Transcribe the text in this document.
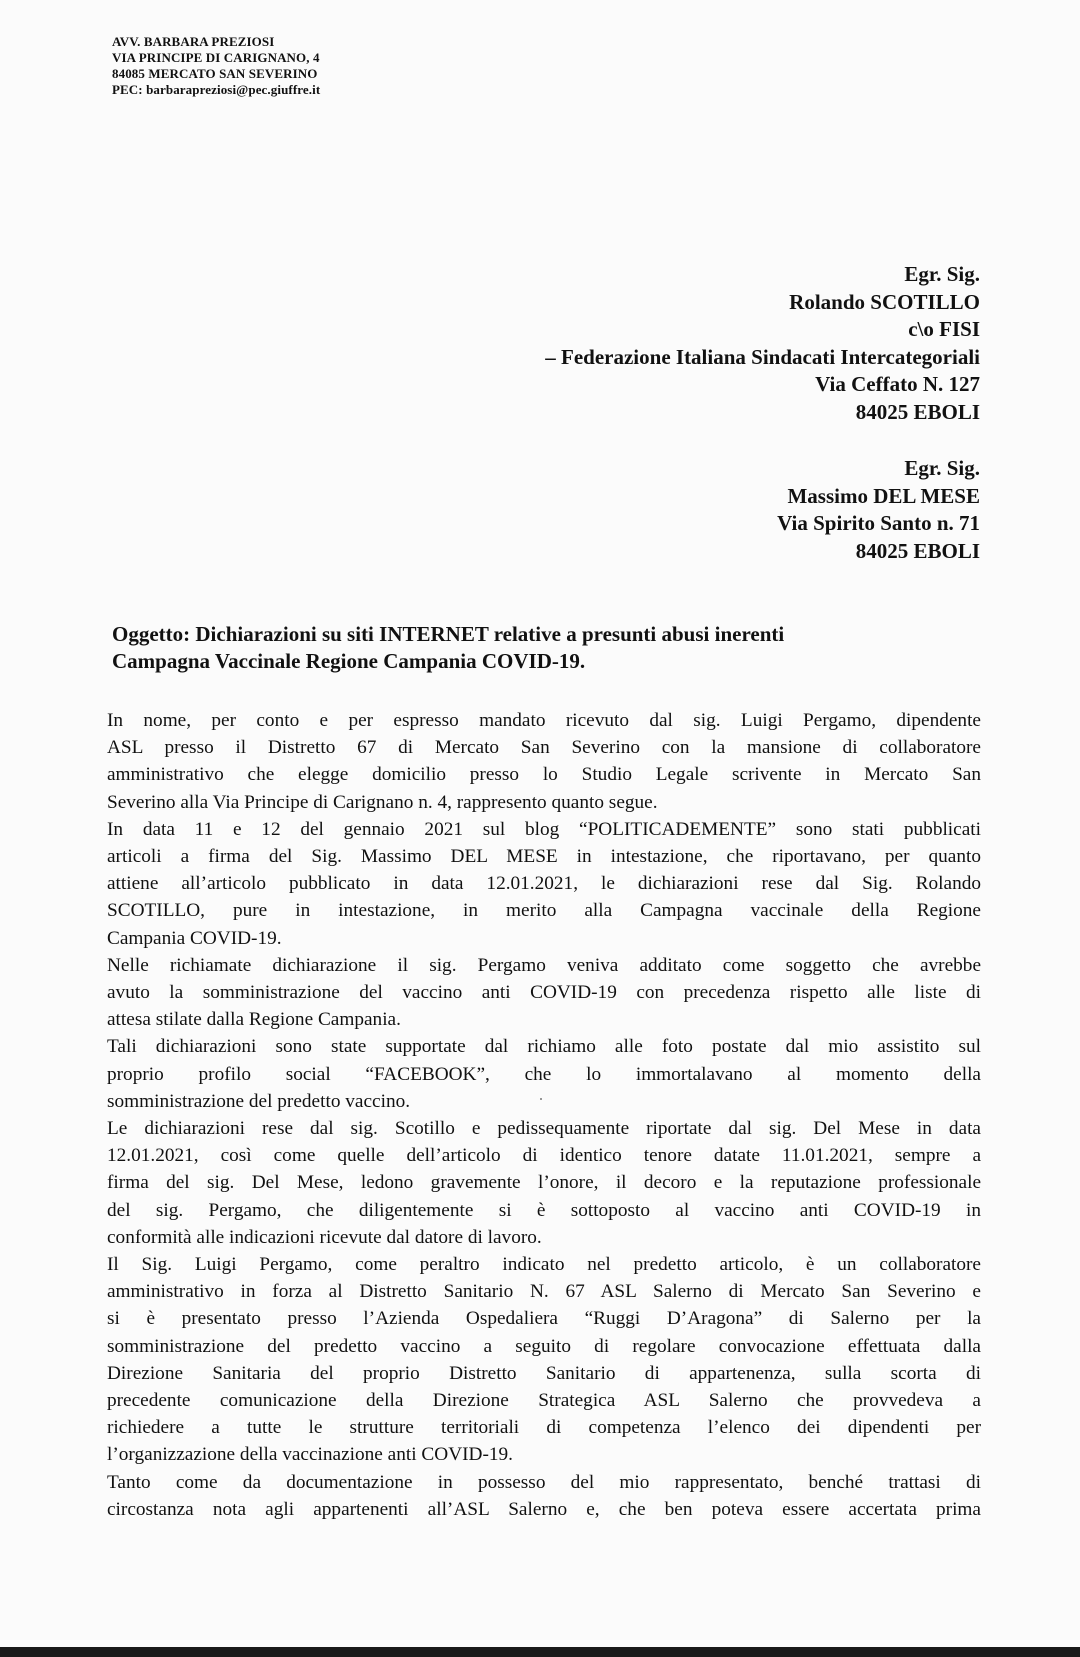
AVV. BARBARA PREZIOSI
VIA PRINCIPE DI CARIGNANO, 4
84085 MERCATO SAN SEVERINO
PEC: barbarapreziosi@pec.giuffre.it
Egr. Sig.
Rolando SCOTILLO
c\o FISI
– Federazione Italiana Sindacati Intercategoriali
Via Ceffato N. 127
84025 EBOLI
Egr. Sig.
Massimo DEL MESE
Via Spirito Santo n. 71
84025 EBOLI
Oggetto: Dichiarazioni su siti INTERNET relative a presunti abusi inerenti
Campagna Vaccinale Regione Campania COVID-19.

In nome, per conto e per espresso mandato ricevuto dal sig. Luigi Pergamo, dipendente
ASL presso il Distretto 67 di Mercato San Severino con la mansione di collaboratore
amministrativo che elegge domicilio presso lo Studio Legale scrivente in Mercato San
Severino alla Via Principe di Carignano n. 4, rappresento quanto segue.

In data 11 e 12 del gennaio 2021 sul blog “POLITICADEMENTE” sono stati pubblicati
articoli a firma del Sig. Massimo DEL MESE in intestazione, che riportavano, per quanto
attiene all’articolo pubblicato in data 12.01.2021, le dichiarazioni rese dal Sig. Rolando
SCOTILLO, pure in intestazione, in merito alla Campagna vaccinale della Regione
Campania COVID-19.

Nelle richiamate dichiarazione il sig. Pergamo veniva additato come soggetto che avrebbe
avuto la somministrazione del vaccino anti COVID-19 con precedenza rispetto alle liste di
attesa stilate dalla Regione Campania.

Tali dichiarazioni sono state supportate dal richiamo alle foto postate dal mio assistito sul
proprio profilo social “FACEBOOK”, che lo immortalavano al momento della
somministrazione del predetto vaccino.

Le dichiarazioni rese dal sig. Scotillo e pedissequamente riportate dal sig. Del Mese in data
12.01.2021, così come quelle dell’articolo di identico tenore datate 11.01.2021, sempre a
firma del sig. Del Mese, ledono gravemente l’onore, il decoro e la reputazione professionale
del sig. Pergamo, che diligentemente si è sottoposto al vaccino anti COVID-19 in
conformità alle indicazioni ricevute dal datore di lavoro.

Il Sig. Luigi Pergamo, come peraltro indicato nel predetto articolo, è un collaboratore
amministrativo in forza al Distretto Sanitario N. 67 ASL Salerno di Mercato San Severino e
si è presentato presso l’Azienda Ospedaliera “Ruggi D’Aragona” di Salerno per la
somministrazione del predetto vaccino a seguito di regolare convocazione effettuata dalla
Direzione Sanitaria del proprio Distretto Sanitario di appartenenza, sulla scorta di
precedente comunicazione della Direzione Strategica ASL Salerno che provvedeva a
richiedere a tutte le strutture territoriali di competenza l’elenco dei dipendenti per
l’organizzazione della vaccinazione anti COVID-19.

Tanto come da documentazione in possesso del mio rappresentato, benché trattasi di
circostanza nota agli appartenenti all’ASL Salerno e, che ben poteva essere accertata prima
